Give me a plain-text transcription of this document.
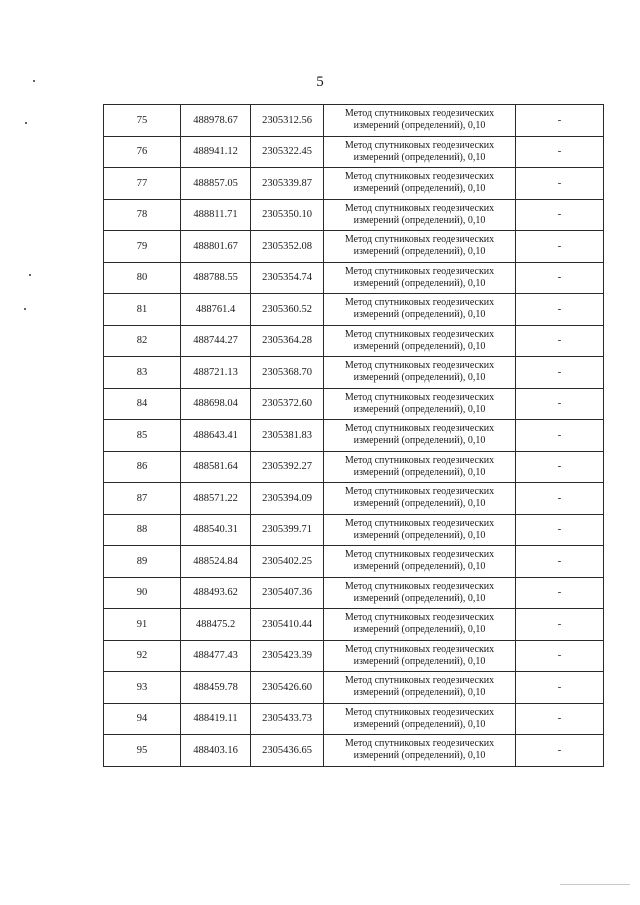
5
75	488978.67	2305312.56	Метод спутниковых геодезических
измерений (определений), 0,10	-
76	488941.12	2305322.45	Метод спутниковых геодезических
измерений (определений), 0,10	-
77	488857.05	2305339.87	Метод спутниковых геодезических
измерений (определений), 0,10	-
78	488811.71	2305350.10	Метод спутниковых геодезических
измерений (определений), 0,10	-
79	488801.67	2305352.08	Метод спутниковых геодезических
измерений (определений), 0,10	-
80	488788.55	2305354.74	Метод спутниковых геодезических
измерений (определений), 0,10	-
81	488761.4	2305360.52	Метод спутниковых геодезических
измерений (определений), 0,10	-
82	488744.27	2305364.28	Метод спутниковых геодезических
измерений (определений), 0,10	-
83	488721.13	2305368.70	Метод спутниковых геодезических
измерений (определений), 0,10	-
84	488698.04	2305372.60	Метод спутниковых геодезических
измерений (определений), 0,10	-
85	488643.41	2305381.83	Метод спутниковых геодезических
измерений (определений), 0,10	-
86	488581.64	2305392.27	Метод спутниковых геодезических
измерений (определений), 0,10	-
87	488571.22	2305394.09	Метод спутниковых геодезических
измерений (определений), 0,10	-
88	488540.31	2305399.71	Метод спутниковых геодезических
измерений (определений), 0,10	-
89	488524.84	2305402.25	Метод спутниковых геодезических
измерений (определений), 0,10	-
90	488493.62	2305407.36	Метод спутниковых геодезических
измерений (определений), 0,10	-
91	488475.2	2305410.44	Метод спутниковых геодезических
измерений (определений), 0,10	-
92	488477.43	2305423.39	Метод спутниковых геодезических
измерений (определений), 0,10	-
93	488459.78	2305426.60	Метод спутниковых геодезических
измерений (определений), 0,10	-
94	488419.11	2305433.73	Метод спутниковых геодезических
измерений (определений), 0,10	-
95	488403.16	2305436.65	Метод спутниковых геодезических
измерений (определений), 0,10	-
